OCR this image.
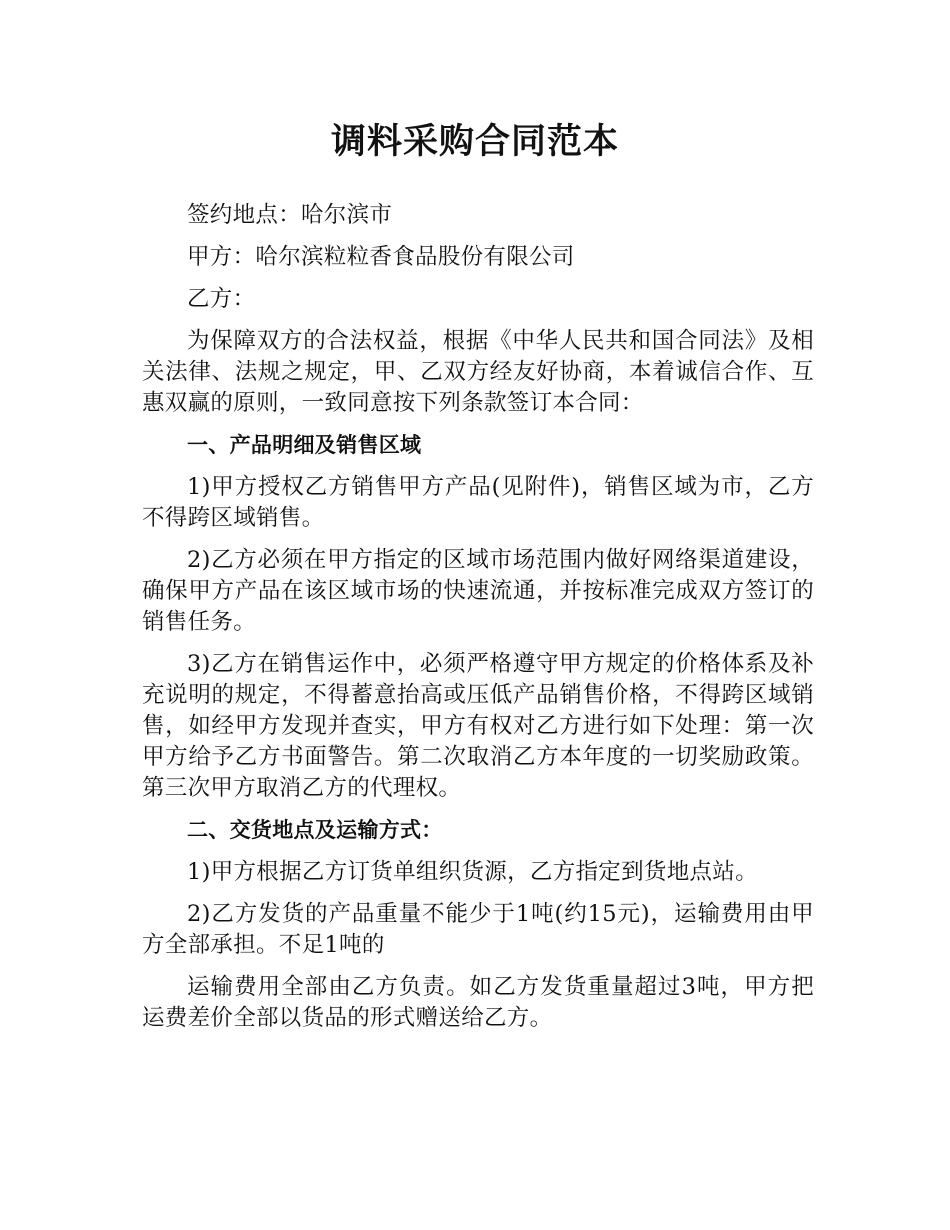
调料采购合同范本

签约地点：哈尔滨市

甲方：哈尔滨粒粒香食品股份有限公司

乙方：

为保障双方的合法权益，根据《中华人民共和国合同法》及相关法律、法规之规定，甲、乙双方经友好协商，本着诚信合作、互惠双赢的原则，一致同意按下列条款签订本合同：

一、产品明细及销售区域

1)甲方授权乙方销售甲方产品(见附件)，销售区域为市，乙方不得跨区域销售。

2)乙方必须在甲方指定的区域市场范围内做好网络渠道建设，确保甲方产品在该区域市场的快速流通，并按标准完成双方签订的销售任务。

3)乙方在销售运作中，必须严格遵守甲方规定的价格体系及补充说明的规定，不得蓄意抬高或压低产品销售价格，不得跨区域销售，如经甲方发现并查实，甲方有权对乙方进行如下处理：第一次甲方给予乙方书面警告。第二次取消乙方本年度的一切奖励政策。第三次甲方取消乙方的代理权。

二、交货地点及运输方式：

1)甲方根据乙方订货单组织货源，乙方指定到货地点站。

2)乙方发货的产品重量不能少于1吨(约15元)，运输费用由甲方全部承担。不足1吨的

运输费用全部由乙方负责。如乙方发货重量超过3吨，甲方把运费差价全部以货品的形式赠送给乙方。
